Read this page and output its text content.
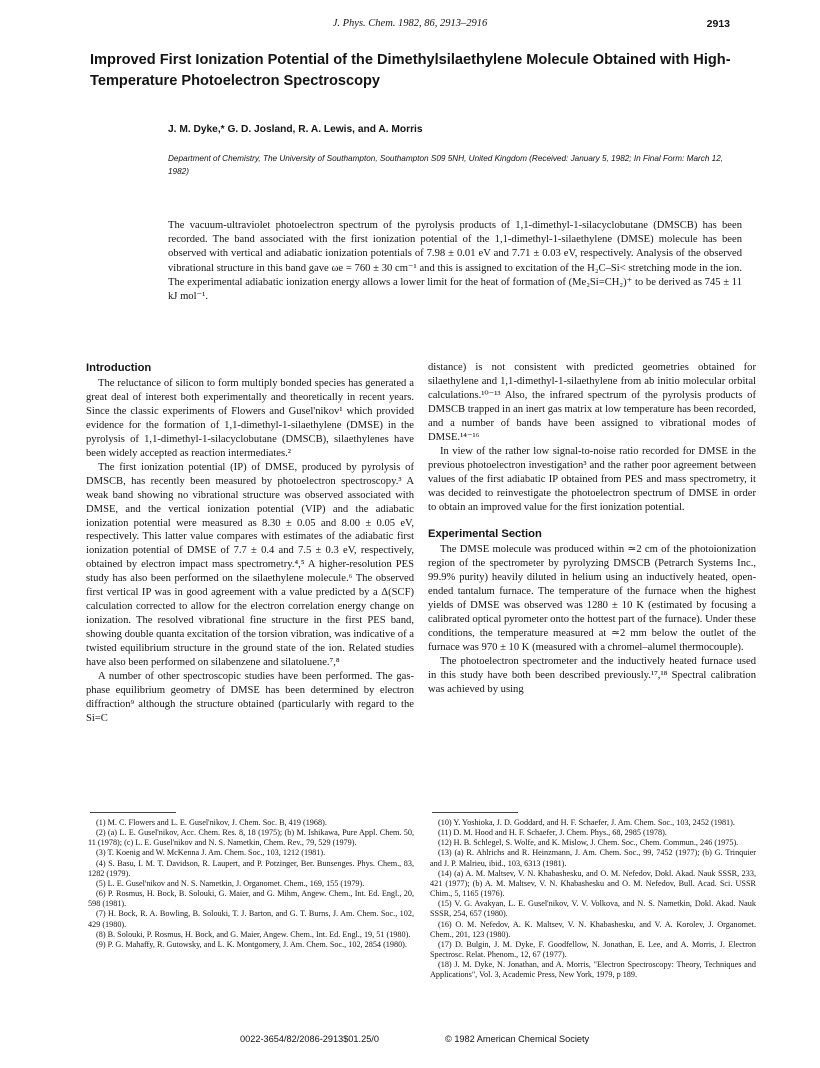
J. Phys. Chem. 1982, 86, 2913–2916	2913
Improved First Ionization Potential of the Dimethylsilaethylene Molecule Obtained with High-Temperature Photoelectron Spectroscopy

J. M. Dyke,* G. D. Josland, R. A. Lewis, and A. Morris

Department of Chemistry, The University of Southampton, Southampton S09 5NH, United Kingdom (Received: January 5, 1982; In Final Form: March 12, 1982)

The vacuum-ultraviolet photoelectron spectrum of the pyrolysis products of 1,1-dimethyl-1-silacyclobutane (DMSCB) has been recorded. The band associated with the first ionization potential of the 1,1-dimethyl-1-silaethylene (DMSE) molecule has been observed with vertical and adiabatic ionization potentials of 7.98 ± 0.01 eV and 7.71 ± 0.03 eV, respectively. Analysis of the observed vibrational structure in this band gave ωe = 760 ± 30 cm⁻¹ and this is assigned to excitation of the H₂C–Si< stretching mode in the ion. The experimental adiabatic ionization energy allows a lower limit for the heat of formation of (Me₂Si=CH₂)⁺ to be derived as 745 ± 11 kJ mol⁻¹.

Introduction

The reluctance of silicon to form multiply bonded species has generated a great deal of interest both experimentally and theoretically in recent years. Since the classic experiments of Flowers and Gusel'nikov¹ which provided evidence for the formation of 1,1-dimethyl-1-silaethylene (DMSE) in the pyrolysis of 1,1-dimethyl-1-silacyclobutane (DMSCB), silaethylenes have been widely accepted as reaction intermediates.²

The first ionization potential (IP) of DMSE, produced by pyrolysis of DMSCB, has recently been measured by photoelectron spectroscopy.³ A weak band showing no vibrational structure was observed associated with DMSE, and the vertical ionization potential (VIP) and the adiabatic ionization potential were measured as 8.30 ± 0.05 and 8.00 ± 0.05 eV, respectively. This latter value compares with estimates of the adiabatic first ionization potential of DMSE of 7.7 ± 0.4 and 7.5 ± 0.3 eV, respectively, obtained by electron impact mass spectrometry.⁴,⁵ A higher-resolution PES study has also been performed on the silaethylene molecule.⁶ The observed first vertical IP was in good agreement with a value predicted by a Δ(SCF) calculation corrected to allow for the electron correlation energy change on ionization. The resolved vibrational fine structure in the first PES band, showing double quanta excitation of the torsion vibration, was indicative of a twisted equilibrium structure in the ground state of the ion. Related studies have also been performed on silabenzene and silatoluene.⁷,⁸

A number of other spectroscopic studies have been performed. The gas-phase equilibrium geometry of DMSE has been determined by electron diffraction⁹ although the structure obtained (particularly with regard to the Si=C

distance) is not consistent with predicted geometries obtained for silaethylene and 1,1-dimethyl-1-silaethylene from ab initio molecular orbital calculations.¹⁰⁻¹³ Also, the infrared spectrum of the pyrolysis products of DMSCB trapped in an inert gas matrix at low temperature has been recorded, and a number of bands have been assigned to vibrational modes of DMSE.¹⁴⁻¹⁶

In view of the rather low signal-to-noise ratio recorded for DMSE in the previous photoelectron investigation³ and the rather poor agreement between values of the first adiabatic IP obtained from PES and mass spectrometry, it was decided to reinvestigate the photoelectron spectrum of DMSE in order to obtain an improved value for the first ionization potential.

Experimental Section

The DMSE molecule was produced within ≃2 cm of the photoionization region of the spectrometer by pyrolyzing DMSCB (Petrarch Systems Inc., 99.9% purity) heavily diluted in helium using an inductively heated, open-ended tantalum furnace. The temperature of the furnace when the highest yields of DMSE was observed was 1280 ± 10 K (estimated by focusing a calibrated optical pyrometer onto the hottest part of the furnace). Under these conditions, the temperature measured at ≃2 mm below the outlet of the furnace was 970 ± 10 K (measured with a chromel–alumel thermocouple).

The photoelectron spectrometer and the inductively heated furnace used in this study have both been described previously.¹⁷,¹⁸ Spectral calibration was achieved by using

(1) M. C. Flowers and L. E. Gusel'nikov, J. Chem. Soc. B, 419 (1968).
(2) (a) L. E. Gusel'nikov, Acc. Chem. Res. 8, 18 (1975); (b) M. Ishikawa, Pure Appl. Chem. 50, 11 (1978); (c) L. E. Gusel'nikov and N. S. Nametkin, Chem. Rev., 79, 529 (1979).
(3) T. Koenig and W. McKenna J. Am. Chem. Soc., 103, 1212 (1981).
(4) S. Basu, I. M. T. Davidson, R. Laupert, and P. Potzinger, Ber. Bunsenges. Phys. Chem., 83, 1282 (1979).
(5) L. E. Gusel'nikov and N. S. Nametkin, J. Organomet. Chem., 169, 155 (1979).
(6) P. Rosmus, H. Bock, B. Solouki, G. Maier, and G. Mihm, Angew. Chem., Int. Ed. Engl., 20, 598 (1981).
(7) H. Bock, R. A. Bowling, B. Solouki, T. J. Barton, and G. T. Burns, J. Am. Chem. Soc., 102, 429 (1980).
(8) B. Solouki, P. Rosmus, H. Bock, and G. Maier, Angew. Chem., Int. Ed. Engl., 19, 51 (1980).
(9) P. G. Mahaffy, R. Gutowsky, and L. K. Montgomery, J. Am. Chem. Soc., 102, 2854 (1980).
(10) Y. Yoshioka, J. D. Goddard, and H. F. Schaefer, J. Am. Chem. Soc., 103, 2452 (1981).
(11) D. M. Hood and H. F. Schaefer, J. Chem. Phys., 68, 2985 (1978).
(12) H. B. Schlegel, S. Wolfe, and K. Mislow, J. Chem. Soc., Chem. Commun., 246 (1975).
(13) (a) R. Ahlrichs and R. Heinzmann, J. Am. Chem. Soc., 99, 7452 (1977); (b) G. Trinquier and J. P. Malrieu, ibid., 103, 6313 (1981).
(14) (a) A. M. Maltsev, V. N. Khabashesku, and O. M. Nefedov, Dokl. Akad. Nauk SSSR, 233, 421 (1977); (b) A. M. Maltsev, V. N. Khabashesku and O. M. Nefedov, Bull. Acad. Sci. USSR Chim., 5, 1165 (1976).
(15) V. G. Avakyan, L. E. Gusel'nikov, V. V. Volkova, and N. S. Nametkin, Dokl. Akad. Nauk SSSR, 254, 657 (1980).
(16) O. M. Nefedov, A. K. Maltsev, V. N. Khabashesku, and V. A. Korolev, J. Organomet. Chem., 201, 123 (1980).
(17) D. Bulgin, J. M. Dyke, F. Goodfellow, N. Jonathan, E. Lee, and A. Morris, J. Electron Spectrosc. Relat. Phenom., 12, 67 (1977).
(18) J. M. Dyke, N. Jonathan, and A. Morris, "Electron Spectroscopy: Theory, Techniques and Applications", Vol. 3, Academic Press, New York, 1979, p 189.
0022-3654/82/2086-2913$01.25/0	© 1982 American Chemical Society
